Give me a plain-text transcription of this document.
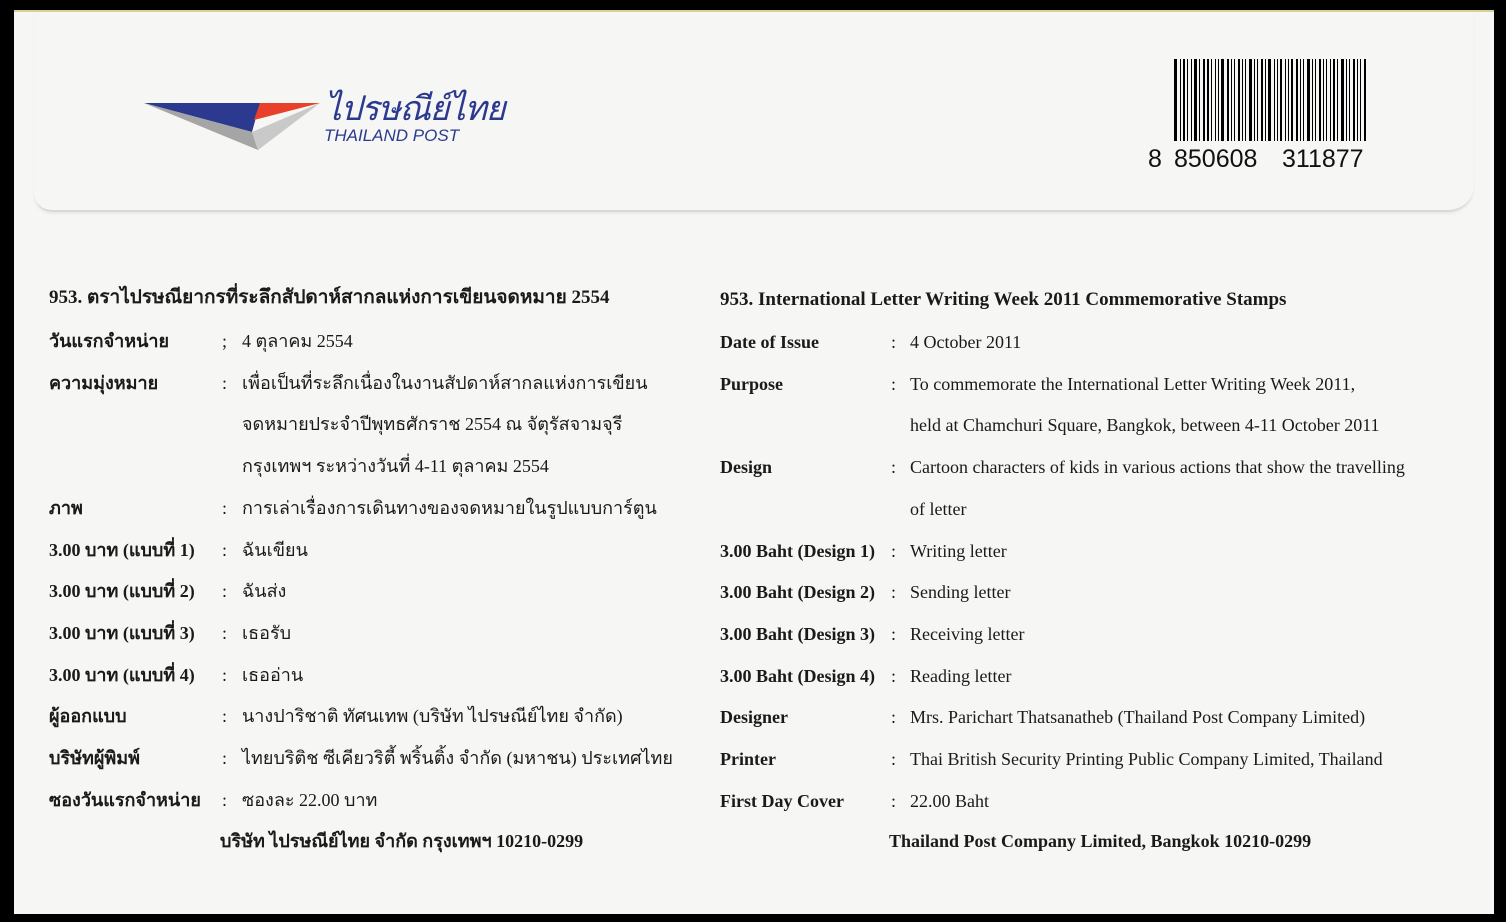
ไปรษณีย์ไทย
THAILAND POST
8 850608 311877
953. ตราไปรษณียากรที่ระลึกสัปดาห์สากลแห่งการเขียนจดหมาย 2554
วันแรกจำหน่าย	; 4 ตุลาคม 2554
ความมุ่งหมาย	: เพื่อเป็นที่ระลึกเนื่องในงานสัปดาห์สากลแห่งการเขียน
จดหมายประจำปีพุทธศักราช 2554 ณ จัตุรัสจามจุรี
กรุงเทพฯ ระหว่างวันที่ 4-11 ตุลาคม 2554
ภาพ	: การเล่าเรื่องการเดินทางของจดหมายในรูปแบบการ์ตูน
3.00 บาท (แบบที่ 1) : ฉันเขียน
3.00 บาท (แบบที่ 2) : ฉันส่ง
3.00 บาท (แบบที่ 3) : เธอรับ
3.00 บาท (แบบที่ 4) : เธออ่าน
ผู้ออกแบบ	: นางปาริชาติ ทัศนเทพ (บริษัท ไปรษณีย์ไทย จำกัด)
บริษัทผู้พิมพ์	: ไทยบริติช ซีเคียวริตี้ พริ้นติ้ง จำกัด (มหาชน) ประเทศไทย
ซองวันแรกจำหน่าย : ซองละ 22.00 บาท
953. International Letter Writing Week 2011 Commemorative Stamps
Date of Issue	: 4 October 2011
Purpose	: To commemorate the International Letter Writing Week 2011,
held at Chamchuri Square, Bangkok, between 4-11 October 2011
Design	: Cartoon characters of kids in various actions that show the travelling
of letter
3.00 Baht (Design 1) : Writing letter
3.00 Baht (Design 2) : Sending letter
3.00 Baht (Design 3) : Receiving letter
3.00 Baht (Design 4) : Reading letter
Designer	: Mrs. Parichart Thatsanatheb (Thailand Post Company Limited)
Printer	: Thai British Security Printing Public Company Limited, Thailand
First Day Cover	: 22.00 Baht
บริษัท ไปรษณีย์ไทย จำกัด กรุงเทพฯ 10210-0299	Thailand Post Company Limited, Bangkok 10210-0299
